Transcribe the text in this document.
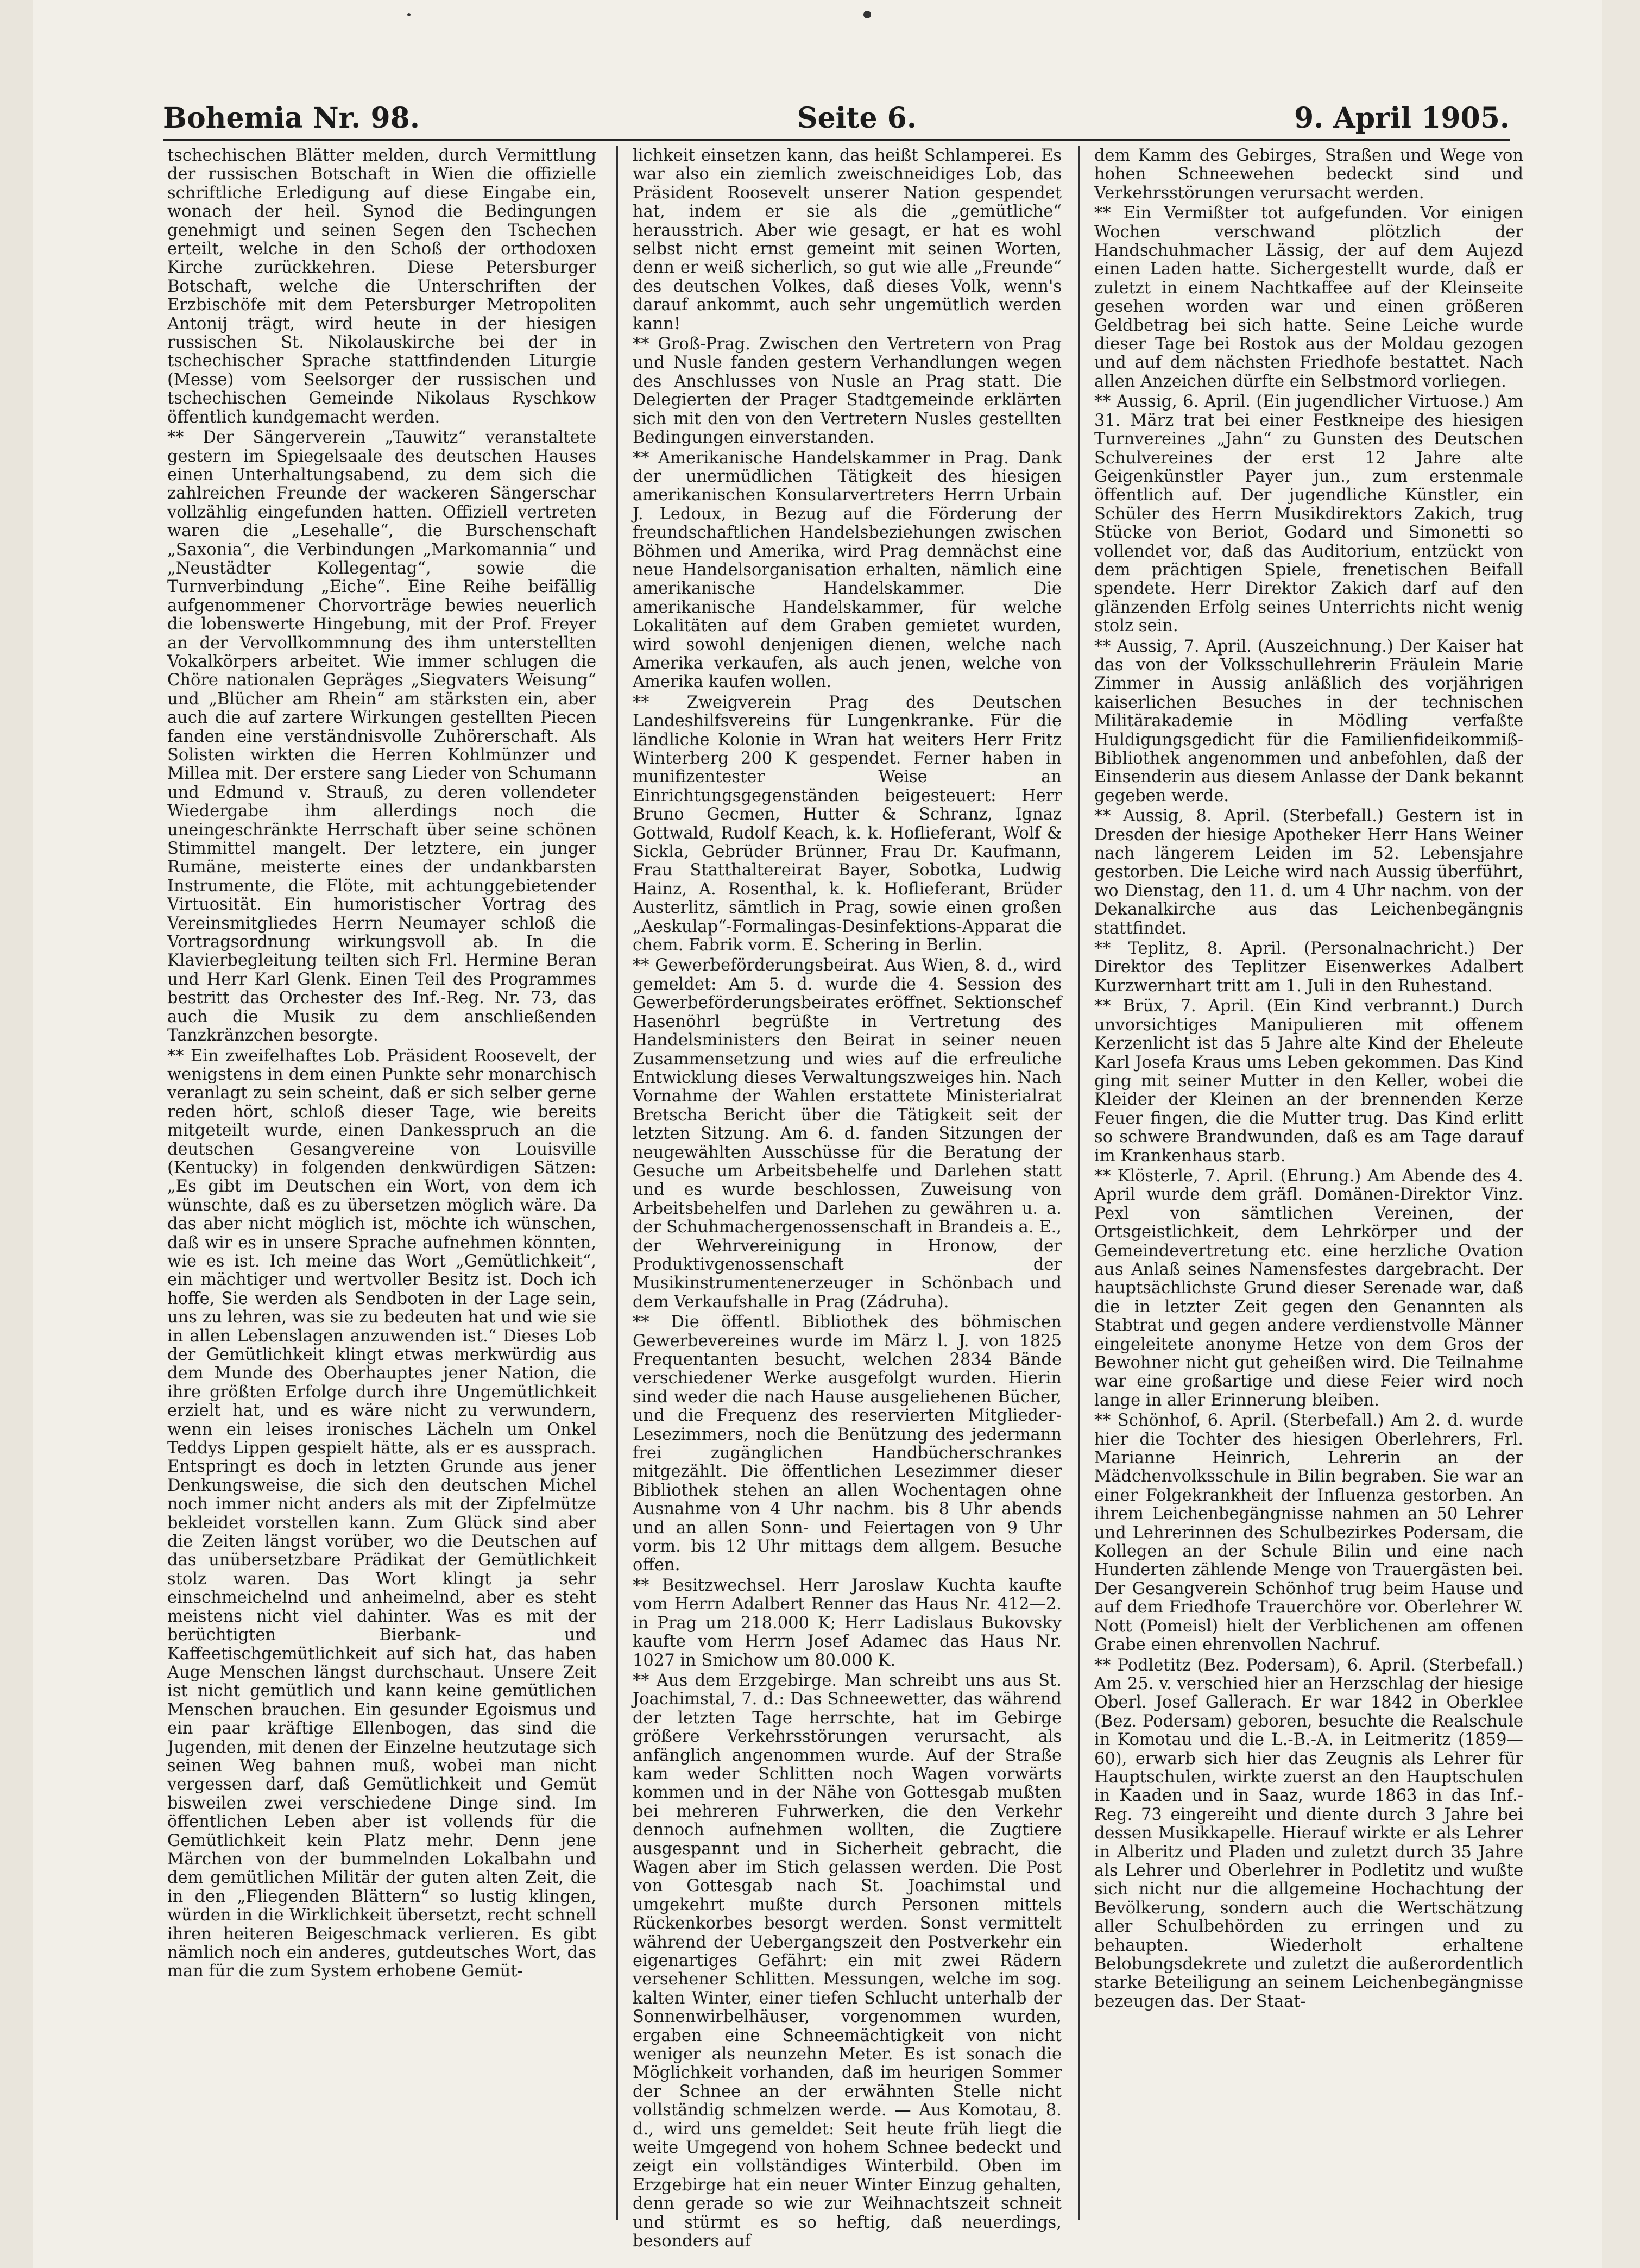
Bohemia Nr. 98.	Seite 6.	9. April 1905.

tschechischen Blätter melden, durch Vermittlung der russischen Botschaft in Wien die offizielle schriftliche Erledigung auf diese Eingabe ein, wonach der heil. Synod die Bedingungen genehmigt und seinen Segen den Tschechen erteilt, welche in den Schoß der orthodoxen Kirche zurückkehren. Diese Petersburger Botschaft, welche die Unterschriften der Erzbischöfe mit dem Petersburger Metropoliten Antonij trägt, wird heute in der hiesigen russischen St. Nikolauskirche bei der in tschechischer Sprache stattfindenden Liturgie (Messe) vom Seelsorger der russischen und tschechischen Gemeinde Nikolaus Ryschkow öffentlich kundgemacht werden.

** Der Sängerverein „Tauwitz“ veranstaltete gestern im Spiegelsaale des deutschen Hauses einen Unterhaltungsabend, zu dem sich die zahlreichen Freunde der wackeren Sängerschar vollzählig eingefunden hatten. Offiziell vertreten waren die „Lesehalle“, die Burschenschaft „Saxonia“, die Verbindungen „Markomannia“ und „Neustädter Kollegentag“, sowie die Turnverbindung „Eiche“. Eine Reihe beifällig aufgenommener Chorvorträge bewies neuerlich die lobenswerte Hingebung, mit der Prof. Freyer an der Vervollkommnung des ihm unterstellten Vokalkörpers arbeitet. Wie immer schlugen die Chöre nationalen Gepräges „Siegvaters Weisung“ und „Blücher am Rhein“ am stärksten ein, aber auch die auf zartere Wirkungen gestellten Piecen fanden eine verständnisvolle Zuhörerschaft. Als Solisten wirkten die Herren Kohlmünzer und Millea mit. Der erstere sang Lieder von Schumann und Edmund v. Strauß, zu deren vollendeter Wiedergabe ihm allerdings noch die uneingeschränkte Herrschaft über seine schönen Stimmittel mangelt. Der letztere, ein junger Rumäne, meisterte eines der undankbarsten Instrumente, die Flöte, mit achtunggebietender Virtuosität. Ein humoristischer Vortrag des Vereinsmitgliedes Herrn Neumayer schloß die Vortragsordnung wirkungsvoll ab. In die Klavierbegleitung teilten sich Frl. Hermine Beran und Herr Karl Glenk. Einen Teil des Programmes bestritt das Orchester des Inf.-Reg. Nr. 73, das auch die Musik zu dem anschließenden Tanzkränzchen besorgte.

** Ein zweifelhaftes Lob. Präsident Roosevelt, der wenigstens in dem einen Punkte sehr monarchisch veranlagt zu sein scheint, daß er sich selber gerne reden hört, schloß dieser Tage, wie bereits mitgeteilt wurde, einen Dankesspruch an die deutschen Gesangvereine von Louisville (Kentucky) in folgenden denkwürdigen Sätzen: „Es gibt im Deutschen ein Wort, von dem ich wünschte, daß es zu übersetzen möglich wäre. Da das aber nicht möglich ist, möchte ich wünschen, daß wir es in unsere Sprache aufnehmen könnten, wie es ist. Ich meine das Wort „Gemütlichkeit“, ein mächtiger und wertvoller Besitz ist. Doch ich hoffe, Sie werden als Sendboten in der Lage sein, uns zu lehren, was sie zu bedeuten hat und wie sie in allen Lebenslagen anzuwenden ist.“ Dieses Lob der Gemütlichkeit klingt etwas merkwürdig aus dem Munde des Oberhauptes jener Nation, die ihre größten Erfolge durch ihre Ungemütlichkeit erzielt hat, und es wäre nicht zu verwundern, wenn ein leises ironisches Lächeln um Onkel Teddys Lippen gespielt hätte, als er es aussprach. Entspringt es doch in letzten Grunde aus jener Denkungsweise, die sich den deutschen Michel noch immer nicht anders als mit der Zipfelmütze bekleidet vorstellen kann. Zum Glück sind aber die Zeiten längst vorüber, wo die Deutschen auf das unübersetzbare Prädikat der Gemütlichkeit stolz waren. Das Wort klingt ja sehr einschmeichelnd und anheimelnd, aber es steht meistens nicht viel dahinter. Was es mit der berüchtigten Bierbank- und Kaffeetischgemütlichkeit auf sich hat, das haben Auge Menschen längst durchschaut. Unsere Zeit ist nicht gemütlich und kann keine gemütlichen Menschen brauchen. Ein gesunder Egoismus und ein paar kräftige Ellenbogen, das sind die Jugenden, mit denen der Einzelne heutzutage sich seinen Weg bahnen muß, wobei man nicht vergessen darf, daß Gemütlichkeit und Gemüt bisweilen zwei verschiedene Dinge sind. Im öffentlichen Leben aber ist vollends für die Gemütlichkeit kein Platz mehr. Denn jene Märchen von der bummelnden Lokalbahn und dem gemütlichen Militär der guten alten Zeit, die in den „Fliegenden Blättern“ so lustig klingen, würden in die Wirklichkeit übersetzt, recht schnell ihren heiteren Beigeschmack verlieren. Es gibt nämlich noch ein anderes, gutdeutsches Wort, das man für die zum System erhobene Gemüt-

lichkeit einsetzen kann, das heißt Schlamperei. Es war also ein ziemlich zweischneidiges Lob, das Präsident Roosevelt unserer Nation gespendet hat, indem er sie als die „gemütliche“ herausstrich. Aber wie gesagt, er hat es wohl selbst nicht ernst gemeint mit seinen Worten, denn er weiß sicherlich, so gut wie alle „Freunde“ des deutschen Volkes, daß dieses Volk, wenn's darauf ankommt, auch sehr ungemütlich werden kann!

** Groß-Prag. Zwischen den Vertretern von Prag und Nusle fanden gestern Verhandlungen wegen des Anschlusses von Nusle an Prag statt. Die Delegierten der Prager Stadtgemeinde erklärten sich mit den von den Vertretern Nusles gestellten Bedingungen einverstanden.

** Amerikanische Handelskammer in Prag. Dank der unermüdlichen Tätigkeit des hiesigen amerikanischen Konsularvertreters Herrn Urbain J. Ledoux, in Bezug auf die Förderung der freundschaftlichen Handelsbeziehungen zwischen Böhmen und Amerika, wird Prag demnächst eine neue Handelsorganisation erhalten, nämlich eine amerikanische Handelskammer. Die amerikanische Handelskammer, für welche Lokalitäten auf dem Graben gemietet wurden, wird sowohl denjenigen dienen, welche nach Amerika verkaufen, als auch jenen, welche von Amerika kaufen wollen.

** Zweigverein Prag des Deutschen Landeshilfsvereins für Lungenkranke. Für die ländliche Kolonie in Wran hat weiters Herr Fritz Winterberg 200 K gespendet. Ferner haben in munifizentester Weise an Einrichtungsgegenständen beigesteuert: Herr Bruno Gecmen, Hutter & Schranz, Ignaz Gottwald, Rudolf Keach, k. k. Hoflieferant, Wolf & Sickla, Gebrüder Brünner, Frau Dr. Kaufmann, Frau Statthaltereirat Bayer, Sobotka, Ludwig Hainz, A. Rosenthal, k. k. Hoflieferant, Brüder Austerlitz, sämtlich in Prag, sowie einen großen „Aeskulap“-Formalingas-Desinfektions-Apparat die chem. Fabrik vorm. E. Schering in Berlin.

** Gewerbeförderungsbeirat. Aus Wien, 8. d., wird gemeldet: Am 5. d. wurde die 4. Session des Gewerbeförderungsbeirates eröffnet. Sektionschef Hasenöhrl begrüßte in Vertretung des Handelsministers den Beirat in seiner neuen Zusammensetzung und wies auf die erfreuliche Entwicklung dieses Verwaltungszweiges hin. Nach Vornahme der Wahlen erstattete Ministerialrat Bretscha Bericht über die Tätigkeit seit der letzten Sitzung. Am 6. d. fanden Sitzungen der neugewählten Ausschüsse für die Beratung der Gesuche um Arbeitsbehelfe und Darlehen statt und es wurde beschlossen, Zuweisung von Arbeitsbehelfen und Darlehen zu gewähren u. a. der Schuhmachergenossenschaft in Brandeis a. E., der Wehrvereinigung in Hronow, der Produktivgenossenschaft der Musikinstrumentenerzeuger in Schönbach und dem Verkaufshalle in Prag (Zádruha).

** Die öffentl. Bibliothek des böhmischen Gewerbevereines wurde im März l. J. von 1825 Frequentanten besucht, welchen 2834 Bände verschiedener Werke ausgefolgt wurden. Hierin sind weder die nach Hause ausgeliehenen Bücher, und die Frequenz des reservierten Mitglieder-Lesezimmers, noch die Benützung des jedermann frei zugänglichen Handbücherschrankes mitgezählt. Die öffentlichen Lesezimmer dieser Bibliothek stehen an allen Wochentagen ohne Ausnahme von 4 Uhr nachm. bis 8 Uhr abends und an allen Sonn- und Feiertagen von 9 Uhr vorm. bis 12 Uhr mittags dem allgem. Besuche offen.

** Besitzwechsel. Herr Jaroslaw Kuchta kaufte vom Herrn Adalbert Renner das Haus Nr. 412—2. in Prag um 218.000 K; Herr Ladislaus Bukovsky kaufte vom Herrn Josef Adamec das Haus Nr. 1027 in Smichow um 80.000 K.

** Aus dem Erzgebirge. Man schreibt uns aus St. Joachimstal, 7. d.: Das Schneewetter, das während der letzten Tage herrschte, hat im Gebirge größere Verkehrsstörungen verursacht, als anfänglich angenommen wurde. Auf der Straße kam weder Schlitten noch Wagen vorwärts kommen und in der Nähe von Gottesgab mußten bei mehreren Fuhrwerken, die den Verkehr dennoch aufnehmen wollten, die Zugtiere ausgespannt und in Sicherheit gebracht, die Wagen aber im Stich gelassen werden. Die Post von Gottesgab nach St. Joachimstal und umgekehrt mußte durch Personen mittels Rückenkorbes besorgt werden. Sonst vermittelt während der Uebergangszeit den Postverkehr ein eigenartiges Gefährt: ein mit zwei Rädern versehener Schlitten. Messungen, welche im sog. kalten Winter, einer tiefen Schlucht unterhalb der Sonnenwirbelhäuser, vorgenommen wurden, ergaben eine Schneemächtigkeit von nicht weniger als neunzehn Meter. Es ist sonach die Möglichkeit vorhanden, daß im heurigen Sommer der Schnee an der erwähnten Stelle nicht vollständig schmelzen werde. — Aus Komotau, 8. d., wird uns gemeldet: Seit heute früh liegt die weite Umgegend von hohem Schnee bedeckt und zeigt ein vollständiges Winterbild. Oben im Erzgebirge hat ein neuer Winter Einzug gehalten, denn gerade so wie zur Weihnachtszeit schneit und stürmt es so heftig, daß neuerdings, besonders auf

dem Kamm des Gebirges, Straßen und Wege von hohen Schneewehen bedeckt sind und Verkehrsstörungen verursacht werden.

** Ein Vermißter tot aufgefunden. Vor einigen Wochen verschwand plötzlich der Handschuhmacher Lässig, der auf dem Aujezd einen Laden hatte. Sichergestellt wurde, daß er zuletzt in einem Nachtkaffee auf der Kleinseite gesehen worden war und einen größeren Geldbetrag bei sich hatte. Seine Leiche wurde dieser Tage bei Rostok aus der Moldau gezogen und auf dem nächsten Friedhofe bestattet. Nach allen Anzeichen dürfte ein Selbstmord vorliegen.

** Aussig, 6. April. (Ein jugendlicher Virtuose.) Am 31. März trat bei einer Festkneipe des hiesigen Turnvereines „Jahn“ zu Gunsten des Deutschen Schulvereines der erst 12 Jahre alte Geigenkünstler Payer jun., zum erstenmale öffentlich auf. Der jugendliche Künstler, ein Schüler des Herrn Musikdirektors Zakich, trug Stücke von Beriot, Godard und Simonetti so vollendet vor, daß das Auditorium, entzückt von dem prächtigen Spiele, frenetischen Beifall spendete. Herr Direktor Zakich darf auf den glänzenden Erfolg seines Unterrichts nicht wenig stolz sein.

** Aussig, 7. April. (Auszeichnung.) Der Kaiser hat das von der Volksschullehrerin Fräulein Marie Zimmer in Aussig anläßlich des vorjährigen kaiserlichen Besuches in der technischen Militärakademie in Mödling verfaßte Huldigungsgedicht für die Familienfideikommiß-Bibliothek angenommen und anbefohlen, daß der Einsenderin aus diesem Anlasse der Dank bekannt gegeben werde.

** Aussig, 8. April. (Sterbefall.) Gestern ist in Dresden der hiesige Apotheker Herr Hans Weiner nach längerem Leiden im 52. Lebensjahre gestorben. Die Leiche wird nach Aussig überführt, wo Dienstag, den 11. d. um 4 Uhr nachm. von der Dekanalkirche aus das Leichenbegängnis stattfindet.

** Teplitz, 8. April. (Personalnachricht.) Der Direktor des Teplitzer Eisenwerkes Adalbert Kurzwernhart tritt am 1. Juli in den Ruhestand.

** Brüx, 7. April. (Ein Kind verbrannt.) Durch unvorsichtiges Manipulieren mit offenem Kerzenlicht ist das 5 Jahre alte Kind der Eheleute Karl Josefa Kraus ums Leben gekommen. Das Kind ging mit seiner Mutter in den Keller, wobei die Kleider der Kleinen an der brennenden Kerze Feuer fingen, die die Mutter trug. Das Kind erlitt so schwere Brandwunden, daß es am Tage darauf im Krankenhaus starb.

** Klösterle, 7. April. (Ehrung.) Am Abende des 4. April wurde dem gräfl. Domänen-Direktor Vinz. Pexl von sämtlichen Vereinen, der Ortsgeistlichkeit, dem Lehrkörper und der Gemeindevertretung etc. eine herzliche Ovation aus Anlaß seines Namensfestes dargebracht. Der hauptsächlichste Grund dieser Serenade war, daß die in letzter Zeit gegen den Genannten als Stabtrat und gegen andere verdienstvolle Männer eingeleitete anonyme Hetze von dem Gros der Bewohner nicht gut geheißen wird. Die Teilnahme war eine großartige und diese Feier wird noch lange in aller Erinnerung bleiben.

** Schönhof, 6. April. (Sterbefall.) Am 2. d. wurde hier die Tochter des hiesigen Oberlehrers, Frl. Marianne Heinrich, Lehrerin an der Mädchenvolksschule in Bilin begraben. Sie war an einer Folgekrankheit der Influenza gestorben. An ihrem Leichenbegängnisse nahmen an 50 Lehrer und Lehrerinnen des Schulbezirkes Podersam, die Kollegen an der Schule Bilin und eine nach Hunderten zählende Menge von Trauergästen bei. Der Gesangverein Schönhof trug beim Hause und auf dem Friedhofe Trauerchöre vor. Oberlehrer W. Nott (Pomeisl) hielt der Verblichenen am offenen Grabe einen ehrenvollen Nachruf.

** Podletitz (Bez. Podersam), 6. April. (Sterbefall.) Am 25. v. verschied hier an Herzschlag der hiesige Oberl. Josef Gallerach. Er war 1842 in Oberklee (Bez. Podersam) geboren, besuchte die Realschule in Komotau und die L.-B.-A. in Leitmeritz (1859—60), erwarb sich hier das Zeugnis als Lehrer für Hauptschulen, wirkte zuerst an den Hauptschulen in Kaaden und in Saaz, wurde 1863 in das Inf.-Reg. 73 eingereiht und diente durch 3 Jahre bei dessen Musikkapelle. Hierauf wirkte er als Lehrer in Alberitz und Pladen und zuletzt durch 35 Jahre als Lehrer und Oberlehrer in Podletitz und wußte sich nicht nur die allgemeine Hochachtung der Bevölkerung, sondern auch die Wertschätzung aller Schulbehörden zu erringen und zu behaupten. Wiederholt erhaltene Belobungsdekrete und zuletzt die außerordentlich starke Beteiligung an seinem Leichenbegängnisse bezeugen das. Der Staat-
